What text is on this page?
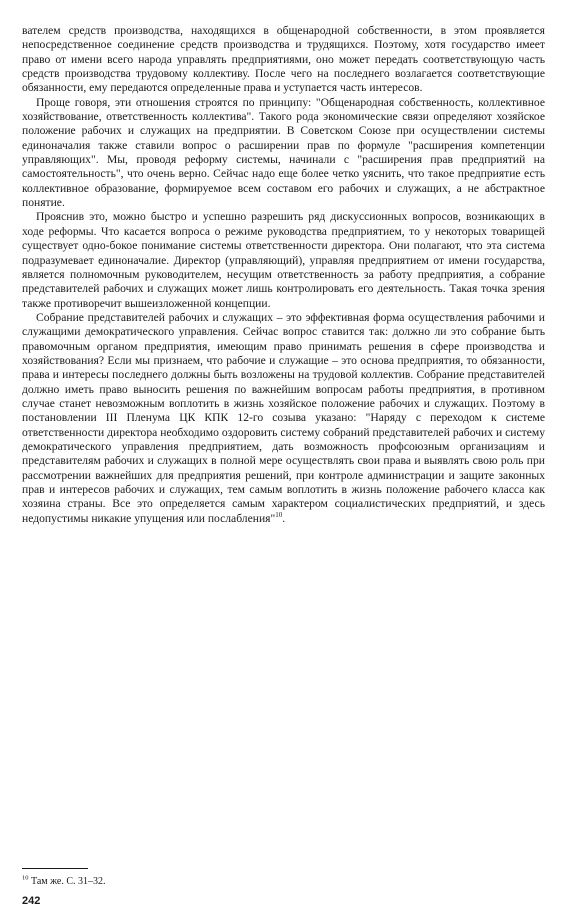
вателем средств производства, находящихся в общенародной собственности, в этом проявляется непосредственное соединение средств производства и трудящихся. Поэтому, хотя государство имеет право от имени всего народа управлять предприятиями, оно может передать соответствующую часть средств производства трудовому коллективу. После чего на последнего возлагается соответствующие обязанности, ему передаются определенные права и уступается часть интересов.

Проще говоря, эти отношения строятся по принципу: "Общенародная собственность, коллективное хозяйствование, ответственность коллектива". Такого рода экономические связи определяют хозяйское положение рабочих и служащих на предприятии. В Советском Союзе при осуществлении системы единоначалия также ставили вопрос о расширении прав по формуле "расширения компетенции управляющих". Мы, проводя реформу системы, начинали с "расширения прав предприятий на самостоятельность", что очень верно. Сейчас надо еще более четко уяснить, что такое предприятие есть коллективное образование, формируемое всем составом его рабочих и служащих, а не абстрактное понятие.

Прояснив это, можно быстро и успешно разрешить ряд дискуссионных вопросов, возникающих в ходе реформы. Что касается вопроса о режиме руководства предприятием, то у некоторых товарищей существует одно-бокое понимание системы ответственности директора. Они полагают, что эта система подразумевает единоначалие. Директор (управляющий), управляя предприятием от имени государства, является полномочным руководителем, несущим ответственность за работу предприятия, а собрание представителей рабочих и служащих может лишь контролировать его деятельность. Такая точка зрения также противоречит вышеизложенной концепции.

Собрание представителей рабочих и служащих – это эффективная форма осуществления рабочими и служащими демократического управления. Сейчас вопрос ставится так: должно ли это собрание быть правомочным органом предприятия, имеющим право принимать решения в сфере производства и хозяйствования? Если мы признаем, что рабочие и служащие – это основа предприятия, то обязанности, права и интересы последнего должны быть возложены на трудовой коллектив. Собрание представителей должно иметь право выносить решения по важнейшим вопросам работы предприятия, в противном случае станет невозможным воплотить в жизнь хозяйское положение рабочих и служащих. Поэтому в постановлении III Пленума ЦК КПК 12-го созыва указано: "Наряду с переходом к системе ответственности директора необходимо оздоровить систему собраний представителей рабочих и систему демократического управления предприятием, дать возможность профсоюзным организациям и представителям рабочих и служащих в полной мере осуществлять свои права и выявлять свою роль при рассмотрении важнейших для предприятия решений, при контроле администрации и защите законных прав и интересов рабочих и служащих, тем самым воплотить в жизнь положение рабочего класса как хозяина страны. Все это определяется самым характером социалистических предприятий, и здесь недопустимы никакие упущения или послабления"$^{10}$.

$^{10}$ Там же. С. 31–32.
242
